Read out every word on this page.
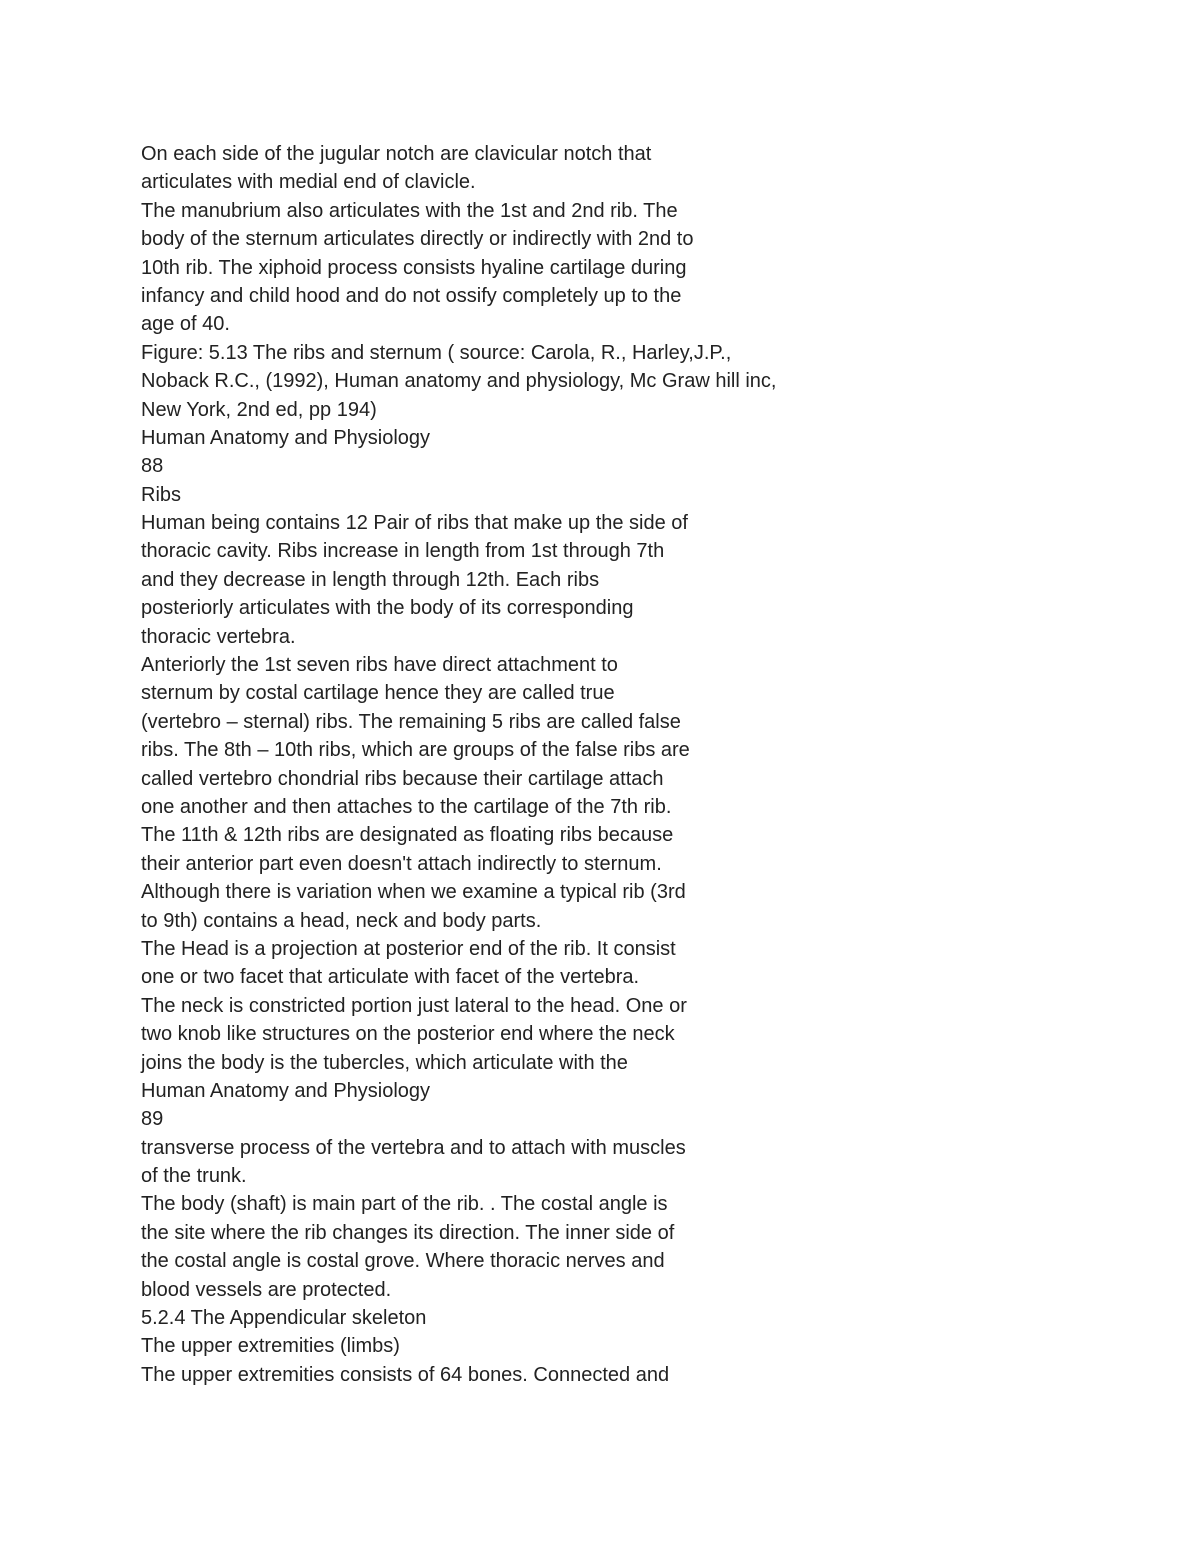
On each side of the jugular notch are clavicular notch that
articulates with medial end of clavicle.
The manubrium also articulates with the 1st and 2nd rib. The
body of the sternum articulates directly or indirectly with 2nd to
10th rib. The xiphoid process consists hyaline cartilage during
infancy and child hood and do not ossify completely up to the
age of 40.
Figure: 5.13 The ribs and sternum ( source: Carola, R., Harley,J.P.,
Noback R.C., (1992), Human anatomy and physiology, Mc Graw hill inc,
New York, 2nd ed, pp 194)
Human Anatomy and Physiology
88
Ribs
Human being contains 12 Pair of ribs that make up the side of
thoracic cavity. Ribs increase in length from 1st through 7th
and they decrease in length through 12th. Each ribs
posteriorly articulates with the body of its corresponding
thoracic vertebra.
Anteriorly the 1st seven ribs have direct attachment to
sternum by costal cartilage hence they are called true
(vertebro – sternal) ribs. The remaining 5 ribs are called false
ribs. The 8th – 10th ribs, which are groups of the false ribs are
called vertebro chondrial ribs because their cartilage attach
one another and then attaches to the cartilage of the 7th rib.
The 11th & 12th ribs are designated as floating ribs because
their anterior part even doesn't attach indirectly to sternum.
Although there is variation when we examine a typical rib (3rd
to 9th) contains a head, neck and body parts.
The Head is a projection at posterior end of the rib. It consist
one or two facet that articulate with facet of the vertebra.
The neck is constricted portion just lateral to the head. One or
two knob like structures on the posterior end where the neck
joins the body is the tubercles, which articulate with the
Human Anatomy and Physiology
89
transverse process of the vertebra and to attach with muscles
of the trunk.
The body (shaft) is main part of the rib. . The costal angle is
the site where the rib changes its direction. The inner side of
the costal angle is costal grove. Where thoracic nerves and
blood vessels are protected.
5.2.4 The Appendicular skeleton
The upper extremities (limbs)
The upper extremities consists of 64 bones. Connected and
